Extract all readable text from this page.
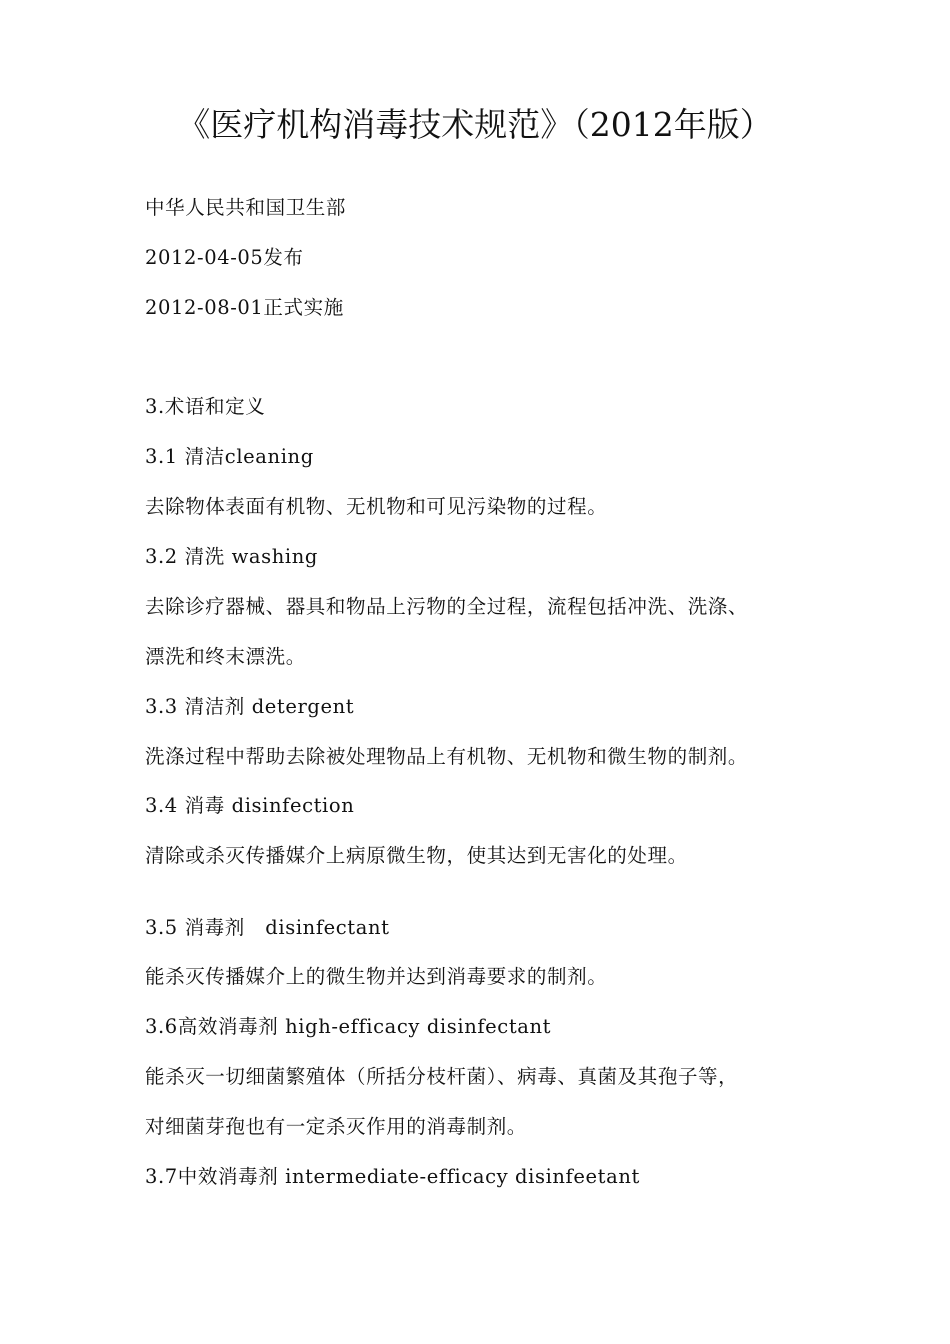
《医疗机构消毒技术规范》（2012年版）
中华人民共和国卫生部
2012-04-05发布
2012-08-01正式实施
3.术语和定义
3.1 清洁cleaning
去除物体表面有机物、无机物和可见污染物的过程。
3.2 清洗 washing
去除诊疗器械、器具和物品上污物的全过程，流程包括冲洗、洗涤、
漂洗和终末漂洗。
3.3 清洁剂 detergent
洗涤过程中帮助去除被处理物品上有机物、无机物和微生物的制剂。
3.4 消毒 disinfection
清除或杀灭传播媒介上病原微生物，使其达到无害化的处理。
3.5 消毒剂   disinfectant
能杀灭传播媒介上的微生物并达到消毒要求的制剂。
3.6高效消毒剂 high-efficacy disinfectant
能杀灭一切细菌繁殖体（所括分枝杆菌）、病毒、真菌及其孢子等，
对细菌芽孢也有一定杀灭作用的消毒制剂。
3.7中效消毒剂 intermediate-efficacy disinfeetant
